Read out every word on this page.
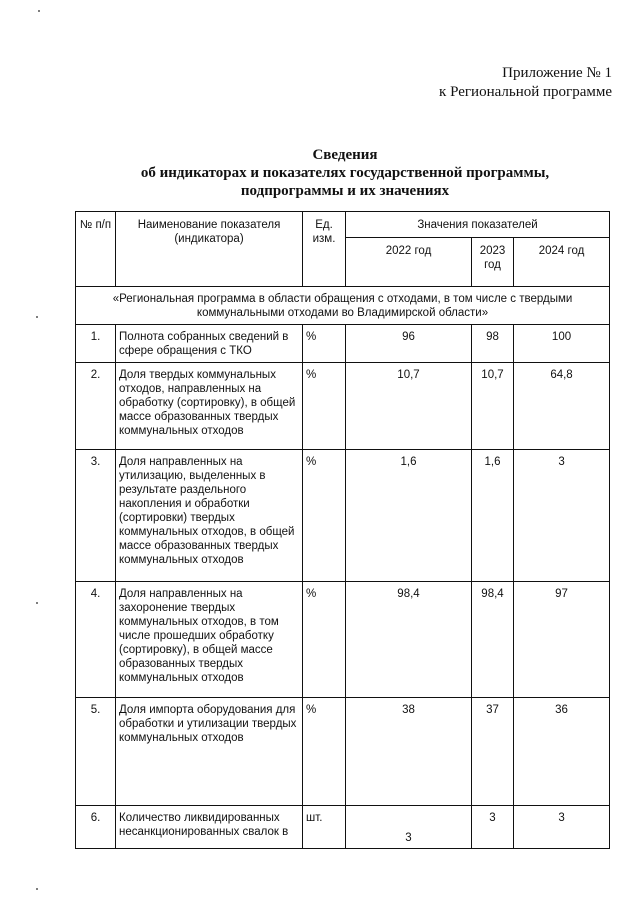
Приложение № 1
к Региональной программе
Сведения
об индикаторах и показателях государственной программы,
подпрограммы и их значениях
№ п/п	Наименование показателя (индикатора)	Ед. изм.	Значения показателей		
			2022 год	2023 год	2024 год
«Региональная программа в области обращения с отходами, в том числе с твердыми коммунальными отходами во Владимирской области»					
1.	Полнота собранных сведений в сфере обращения с ТКО	%	96	98	100
2.	Доля твердых коммунальных отходов, направленных на обработку (сортировку), в общей массе образованных твердых коммунальных отходов	%	10,7	10,7	64,8
3.	Доля направленных на утилизацию, выделенных в результате раздельного накопления и обработки (сортировки) твердых коммунальных отходов, в общей массе образованных твердых коммунальных отходов	%	1,6	1,6	3
4.	Доля направленных на захоронение твердых коммунальных отходов, в том числе прошедших обработку (сортировку), в общей массе образованных твердых коммунальных отходов	%	98,4	98,4	97
5.	Доля импорта оборудования для обработки и утилизации твердых коммунальных отходов	%	38	37	36
6.	Количество ликвидированных несанкционированных свалок в	шт.	3	3	3
